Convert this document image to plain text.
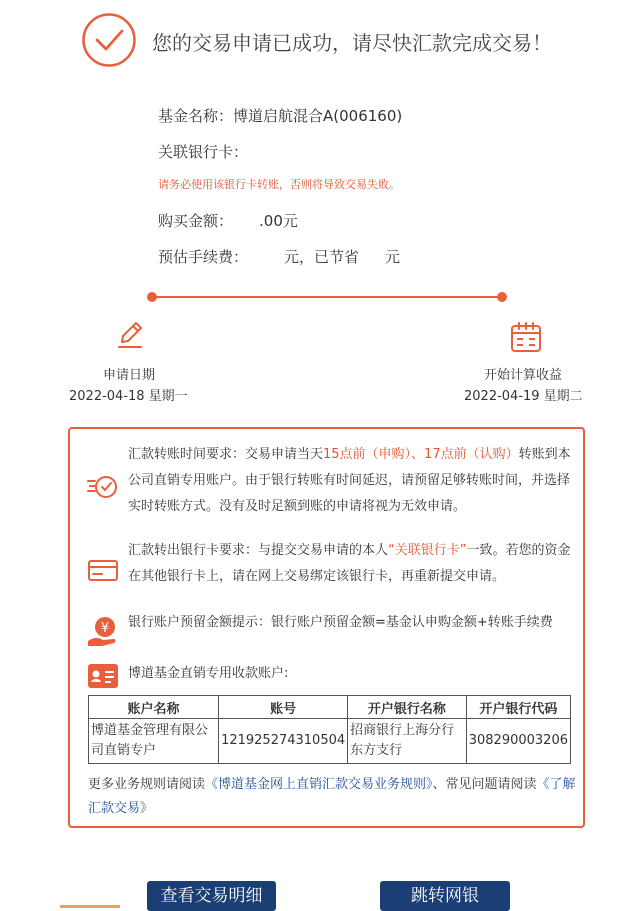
您的交易申请已成功，请尽快汇款完成交易！
基金名称：博道启航混合A(006160)
关联银行卡：
请务必使用该银行卡转账，否则将导致交易失败。
购买金额： .00元
预估手续费： 元，已节省 元
申请日期
2022-04-18 星期一
开始计算收益
2022-04-19 星期二
汇款转账时间要求：交易申请当天15点前（申购）、17点前（认购）转账到本公司直销专用账户。由于银行转账有时间延迟，请预留足够转账时间，并选择实时转账方式。没有及时足额到账的申请将视为无效申请。
汇款转出银行卡要求：与提交交易申请的本人“关联银行卡”一致。若您的资金在其他银行卡上，请在网上交易绑定该银行卡，再重新提交申请。
¥ 银行账户预留金额提示：银行账户预留金额=基金认申购金额+转账手续费
博道基金直销专用收款账户:
账户名称	账号	开户银行名称	开户银行代码
博道基金管理有限公司直销专户	121925274310504	招商银行上海分行东方支行	308290003206
更多业务规则请阅读《博道基金网上直销汇款交易业务规则》、常见问题请阅读《了解汇款交易》
查看交易明细	跳转网银
